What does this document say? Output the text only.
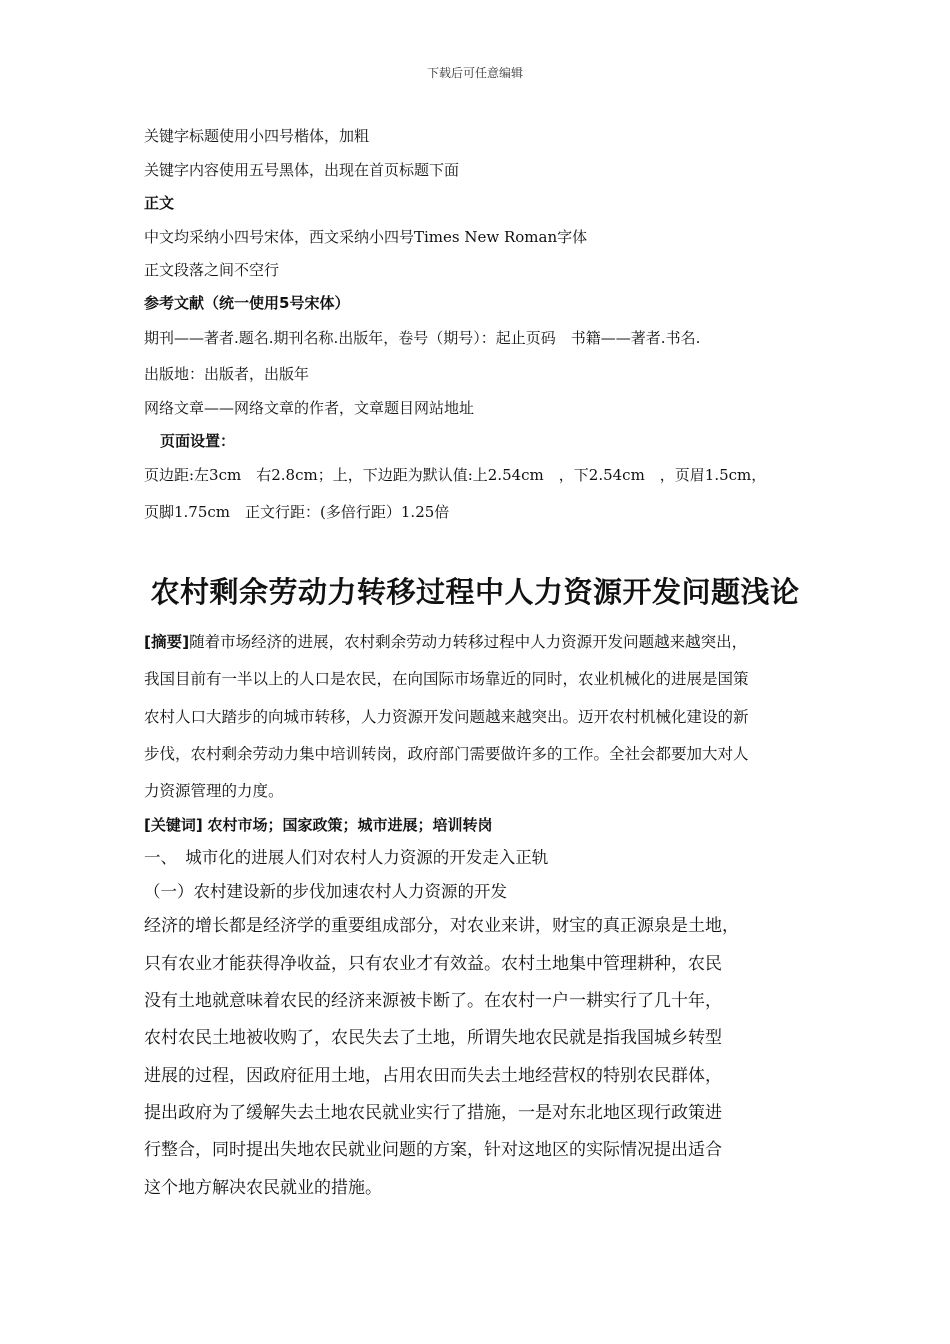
下载后可任意编辑
关键字标题使用小四号楷体，加粗
关键字内容使用五号黑体，出现在首页标题下面
正文
中文均采纳小四号宋体，西文采纳小四号Times New Roman字体
正文段落之间不空行
参考文献（统一使用5号宋体）
期刊——著者.题名.期刊名称.出版年，卷号（期号）：起止页码　书籍——著者.书名.
出版地：出版者，出版年
网络文章——网络文章的作者，文章题目网站地址
页面设置：
页边距:左3cm　右2.8cm；上，下边距为默认值:上2.54cm　，下2.54cm　，页眉1.5cm，
页脚1.75cm　正文行距：(多倍行距）1.25倍
农村剩余劳动力转移过程中人力资源开发问题浅论
[摘要]随着市场经济的进展，农村剩余劳动力转移过程中人力资源开发问题越来越突出，
我国目前有一半以上的人口是农民，在向国际市场靠近的同时，农业机械化的进展是国策
农村人口大踏步的向城市转移，人力资源开发问题越来越突出。迈开农村机械化建设的新
步伐，农村剩余劳动力集中培训转岗，政府部门需要做许多的工作。全社会都要加大对人
力资源管理的力度。
[关键词] 农村市场；国家政策；城市进展；培训转岗
一、　城市化的进展人们对农村人力资源的开发走入正轨
（一）农村建设新的步伐加速农村人力资源的开发
经济的增长都是经济学的重要组成部分，对农业来讲，财宝的真正源泉是土地，
只有农业才能获得净收益，只有农业才有效益。农村土地集中管理耕种，农民
没有土地就意味着农民的经济来源被卡断了。在农村一户一耕实行了几十年，
农村农民土地被收购了，农民失去了土地，所谓失地农民就是指我国城乡转型
进展的过程，因政府征用土地，占用农田而失去土地经营权的特别农民群体，
提出政府为了缓解失去土地农民就业实行了措施，一是对东北地区现行政策进
行整合，同时提出失地农民就业问题的方案，针对这地区的实际情况提出适合
这个地方解决农民就业的措施。
